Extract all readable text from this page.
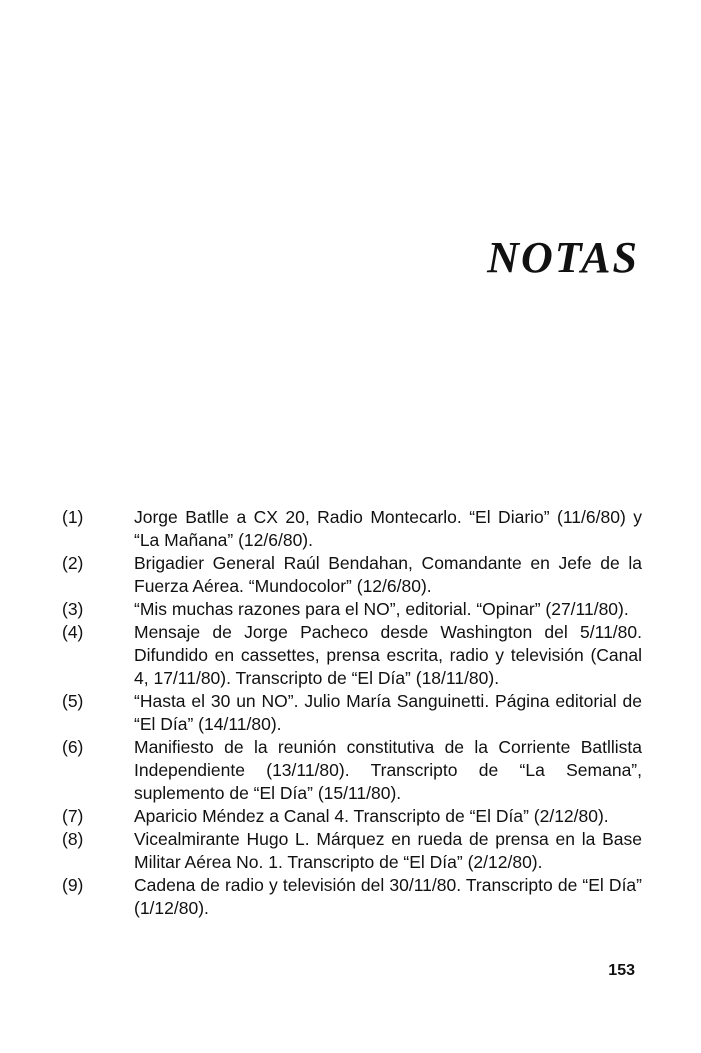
NOTAS
(1)	Jorge Batlle a CX 20, Radio Montecarlo. “El Diario” (11/6/80) y “La Mañana” (12/6/80).
(2)	Brigadier General Raúl Bendahan, Comandante en Jefe de la Fuerza Aérea. “Mundocolor” (12/6/80).
(3)	“Mis muchas razones para el NO”, editorial. “Opinar” (27/11/80).
(4)	Mensaje de Jorge Pacheco desde Washington del 5/11/80. Difundido en cassettes, prensa escrita, radio y televisión (Canal 4, 17/11/80). Transcripto de “El Día” (18/11/80).
(5)	“Hasta el 30 un NO”. Julio María Sanguinetti. Página editorial de “El Día” (14/11/80).
(6)	Manifiesto de la reunión constitutiva de la Corriente Batllista Independiente (13/11/80). Transcripto de “La Semana”, suplemento de “El Día” (15/11/80).
(7)	Aparicio Méndez a Canal 4. Transcripto de “El Día” (2/12/80).
(8)	Vicealmirante Hugo L. Márquez en rueda de prensa en la Base Militar Aérea No. 1. Transcripto de “El Día” (2/12/80).
(9)	Cadena de radio y televisión del 30/11/80. Transcripto de “El Día” (1/12/80).
153
